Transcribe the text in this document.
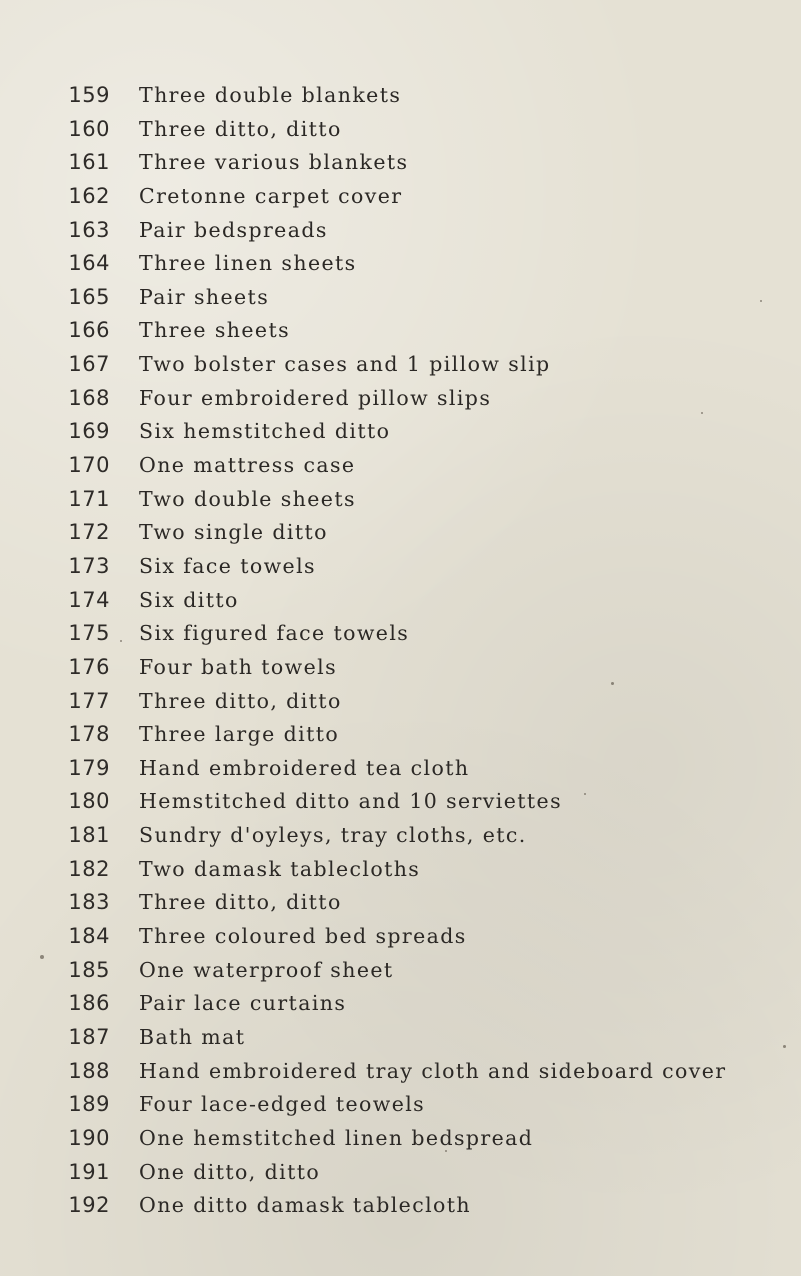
159 Three double blankets
160 Three ditto, ditto
161 Three various blankets
162 Cretonne carpet cover
163 Pair bedspreads
164 Three linen sheets
165 Pair sheets
166 Three sheets
167 Two bolster cases and 1 pillow slip
168 Four embroidered pillow slips
169 Six hemstitched ditto
170 One mattress case
171 Two double sheets
172 Two single ditto
173 Six face towels
174 Six ditto
175 Six figured face towels
176 Four bath towels
177 Three ditto, ditto
178 Three large ditto
179 Hand embroidered tea cloth
180 Hemstitched ditto and 10 serviettes
181 Sundry d'oyleys, tray cloths, etc.
182 Two damask tablecloths
183 Three ditto, ditto
184 Three coloured bed spreads
185 One waterproof sheet
186 Pair lace curtains
187 Bath mat
188 Hand embroidered tray cloth and sideboard cover
189 Four lace-edged teowels
190 One hemstitched linen bedspread
191 One ditto, ditto
192 One ditto damask tablecloth
